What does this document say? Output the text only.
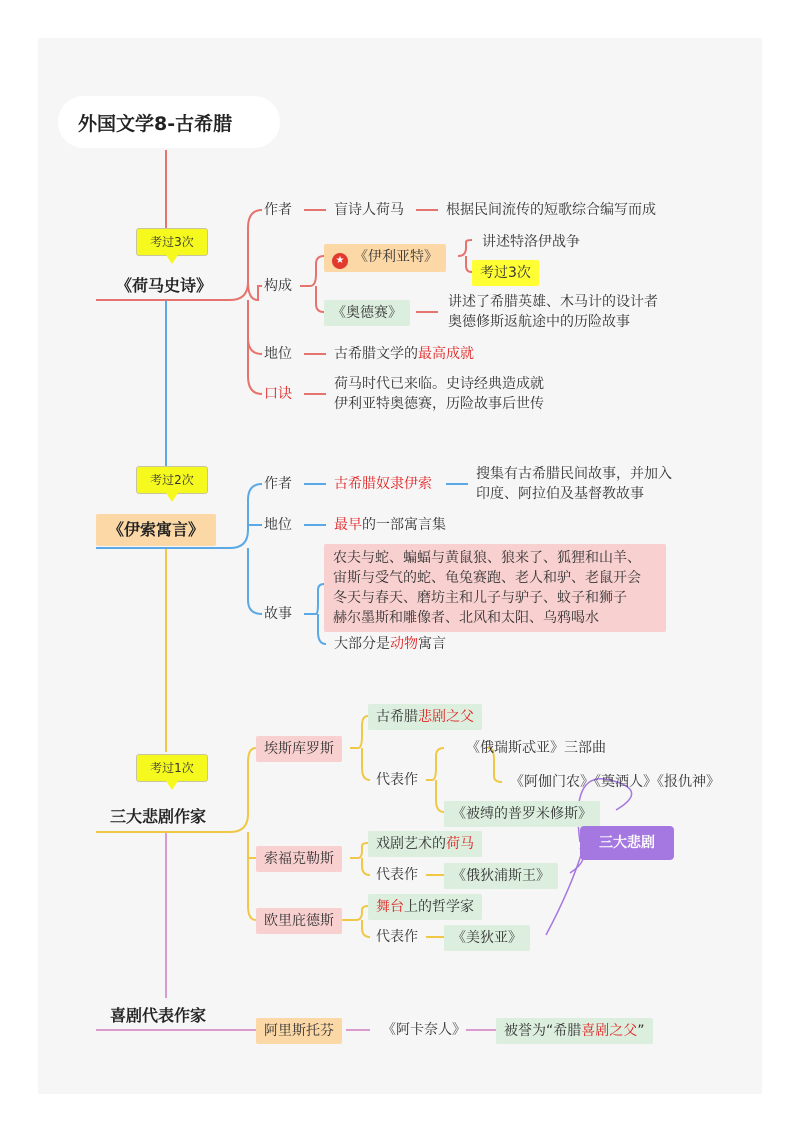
外国文学8-古希腊
考过3次
《荷马史诗》
作者	盲诗人荷马	根据民间流传的短歌综合编写而成
构成
★ 《伊利亚特》
讲述特洛伊战争
考过3次
《奥德赛》
讲述了希腊英雄、木马计的设计者
奥德修斯返航途中的历险故事
地位	古希腊文学的最高成就
口诀
荷马时代已来临。史诗经典造成就
伊利亚特奥德赛，历险故事后世传
考过2次
《伊索寓言》
作者	古希腊奴隶伊索
搜集有古希腊民间故事，并加入
印度、阿拉伯及基督教故事
地位	最早的一部寓言集
故事
农夫与蛇、蝙蝠与黄鼠狼、狼来了、狐狸和山羊、
宙斯与受气的蛇、龟兔赛跑、老人和驴、老鼠开会
冬天与春天、磨坊主和儿子与驴子、蚊子和狮子
赫尔墨斯和雕像者、北风和太阳、乌鸦喝水
大部分是动物寓言
考过1次
三大悲剧作家
埃斯库罗斯
古希腊悲剧之父
代表作
《俄瑞斯忒亚》三部曲
《阿伽门农》《奠酒人》《报仇神》
《被缚的普罗米修斯》
索福克勒斯
戏剧艺术的荷马
代表作	《俄狄浦斯王》
欧里庇德斯
舞台上的哲学家
代表作	《美狄亚》
三大悲剧
喜剧代表作家
阿里斯托芬	《阿卡奈人》	被誉为“希腊喜剧之父”
